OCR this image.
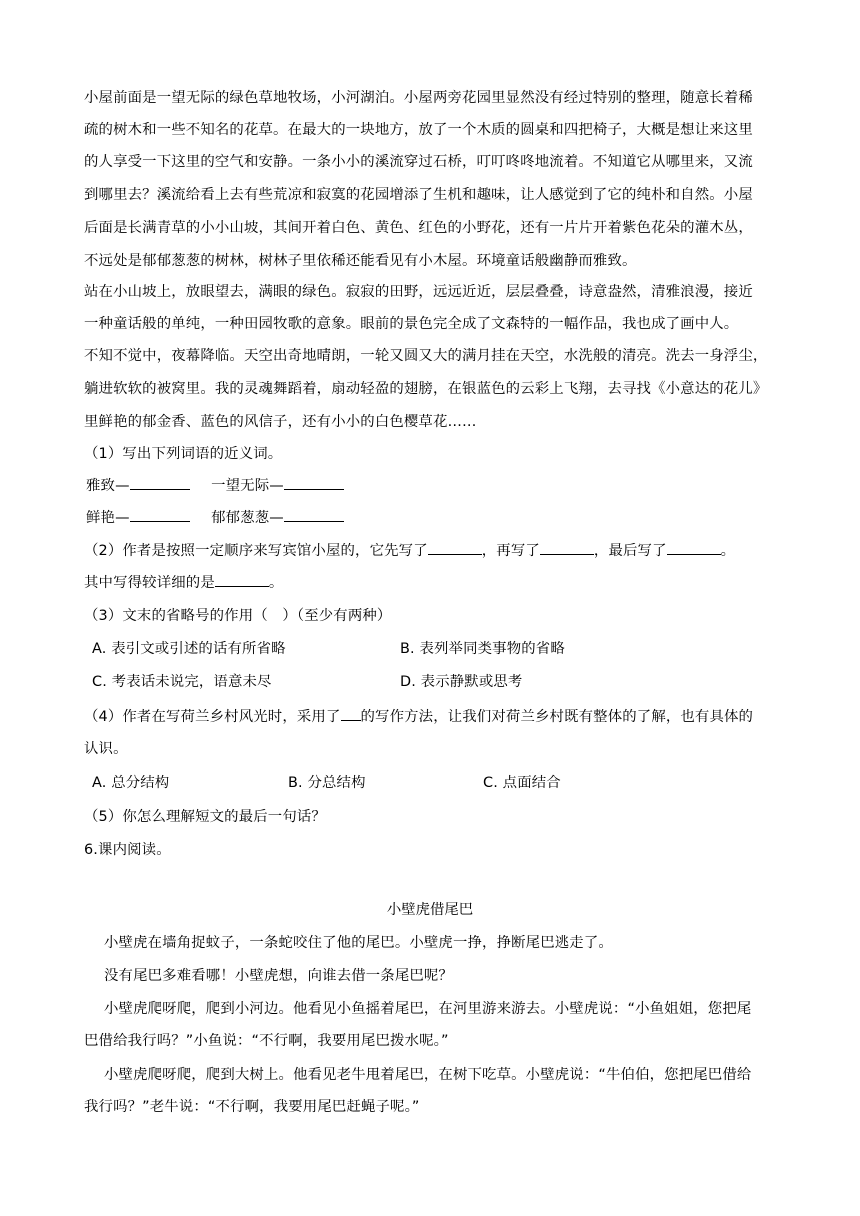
小屋前面是一望无际的绿色草地牧场，小河湖泊。小屋两旁花园里显然没有经过特别的整理，随意长着稀
疏的树木和一些不知名的花草。在最大的一块地方，放了一个木质的圆桌和四把椅子，大概是想让来这里
的人享受一下这里的空气和安静。一条小小的溪流穿过石桥，叮叮咚咚地流着。不知道它从哪里来，又流
到哪里去？溪流给看上去有些荒凉和寂寞的花园增添了生机和趣味，让人感觉到了它的纯朴和自然。小屋
后面是长满青草的小小山坡，其间开着白色、黄色、红色的小野花，还有一片片开着紫色花朵的灌木丛，
不远处是郁郁葱葱的树林，树林子里依稀还能看见有小木屋。环境童话般幽静而雅致。
站在小山坡上，放眼望去，满眼的绿色。寂寂的田野，远远近近，层层叠叠，诗意盎然，清雅浪漫，接近
一种童话般的单纯，一种田园牧歌的意象。眼前的景色完全成了文森特的一幅作品，我也成了画中人。
不知不觉中，夜幕降临。天空出奇地晴朗，一轮又圆又大的满月挂在天空，水洗般的清亮。洗去一身浮尘，
躺进软软的被窝里。我的灵魂舞蹈着，扇动轻盈的翅膀，在银蓝色的云彩上飞翔，去寻找《小意达的花儿》
里鲜艳的郁金香、蓝色的风信子，还有小小的白色樱草花……
（1）写出下列词语的近义词。
雅致—	一望无际—
鲜艳—	郁郁葱葱—
（2）作者是按照一定顺序来写宾馆小屋的，它先写了	，再写了	，最后写了	。
其中写得较详细的是	。
（3）文末的省略号的作用（　）（至少有两种）
A. 表引文或引述的话有所省略	B. 表列举同类事物的省略
C. 考表话未说完，语意未尽	D. 表示静默或思考
（4）作者在写荷兰乡村风光时，采用了 的写作方法，让我们对荷兰乡村既有整体的了解，也有具体的
认识。
A. 总分结构	B. 分总结构	C. 点面结合
（5）你怎么理解短文的最后一句话？
6.课内阅读。
小壁虎借尾巴
小壁虎在墙角捉蚊子，一条蛇咬住了他的尾巴。小壁虎一挣，挣断尾巴逃走了。
没有尾巴多难看哪！小壁虎想，向谁去借一条尾巴呢？
小壁虎爬呀爬，爬到小河边。他看见小鱼摇着尾巴，在河里游来游去。小壁虎说：“小鱼姐姐，您把尾
巴借给我行吗？”小鱼说：“不行啊，我要用尾巴拨水呢。”
小壁虎爬呀爬，爬到大树上。他看见老牛甩着尾巴，在树下吃草。小壁虎说：“牛伯伯，您把尾巴借给
我行吗？”老牛说：“不行啊，我要用尾巴赶蝇子呢。”
